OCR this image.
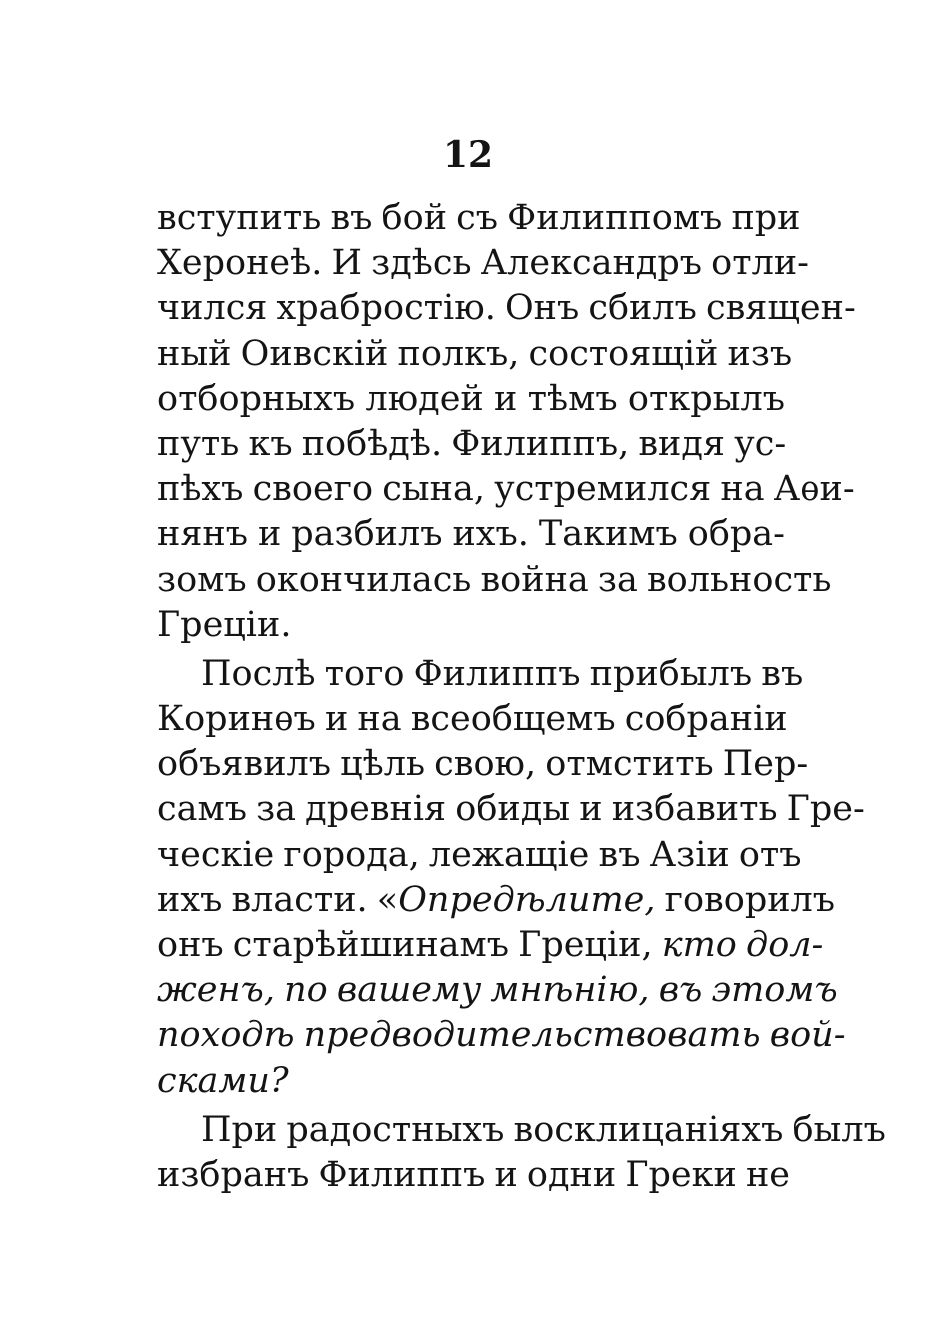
12
вступить въ бой съ Филиппомъ при
Херонеѣ. И здѣсь Александръ отли-
чился храбростію. Онъ сбилъ священ-
ный Оивскій полкъ, состоящій изъ
отборныхъ людей и тѣмъ открылъ
путь къ побѣдѣ. Филиппъ, видя ус-
пѣхъ своего сына, устремился на Аѳи-
нянъ и разбилъ ихъ. Такимъ обра-
зомъ окончилась война за вольность
Греціи.
Послѣ того Филиппъ прибылъ въ
Коринѳъ и на всеобщемъ собраніи
объявилъ цѣль свою, отмстить Пер-
самъ за древнія обиды и избавить Гре-
ческіе города, лежащіе въ Азіи отъ
ихъ власти. «Опредѣлите, говорилъ
онъ старѣйшинамъ Греціи, кто дол-
женъ, по вашему мнѣнію, въ этомъ
походѣ предводительствовать вой-
сками?
При радостныхъ восклицаніяхъ былъ
избранъ Филиппъ и одни Греки не
